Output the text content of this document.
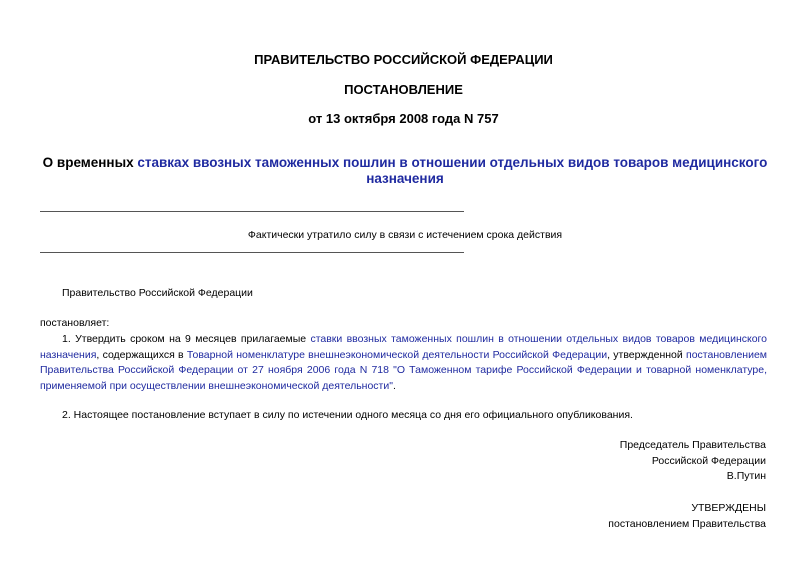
ПРАВИТЕЛЬСТВО РОССИЙСКОЙ ФЕДЕРАЦИИ

ПОСТАНОВЛЕНИЕ

от 13 октября 2008 года N 757

О временных ставках ввозных таможенных пошлин в отношении отдельных видов товаров медицинского назначения

Фактически утратило силу в связи с истечением срока действия

Правительство Российской Федерации

постановляет:

1. Утвердить сроком на 9 месяцев прилагаемые ставки ввозных таможенных пошлин в отношении отдельных видов товаров медицинского назначения, содержащихся в Товарной номенклатуре внешнеэкономической деятельности Российской Федерации, утвержденной постановлением Правительства Российской Федерации от 27 ноября 2006 года N 718 "О Таможенном тарифе Российской Федерации и товарной номенклатуре, применяемой при осуществлении внешнеэкономической деятельности".

2. Настоящее постановление вступает в силу по истечении одного месяца со дня его официального опубликования.

Председатель Правительства
Российской Федерации
В.Путин
УТВЕРЖДЕНЫ
постановлением Правительства
